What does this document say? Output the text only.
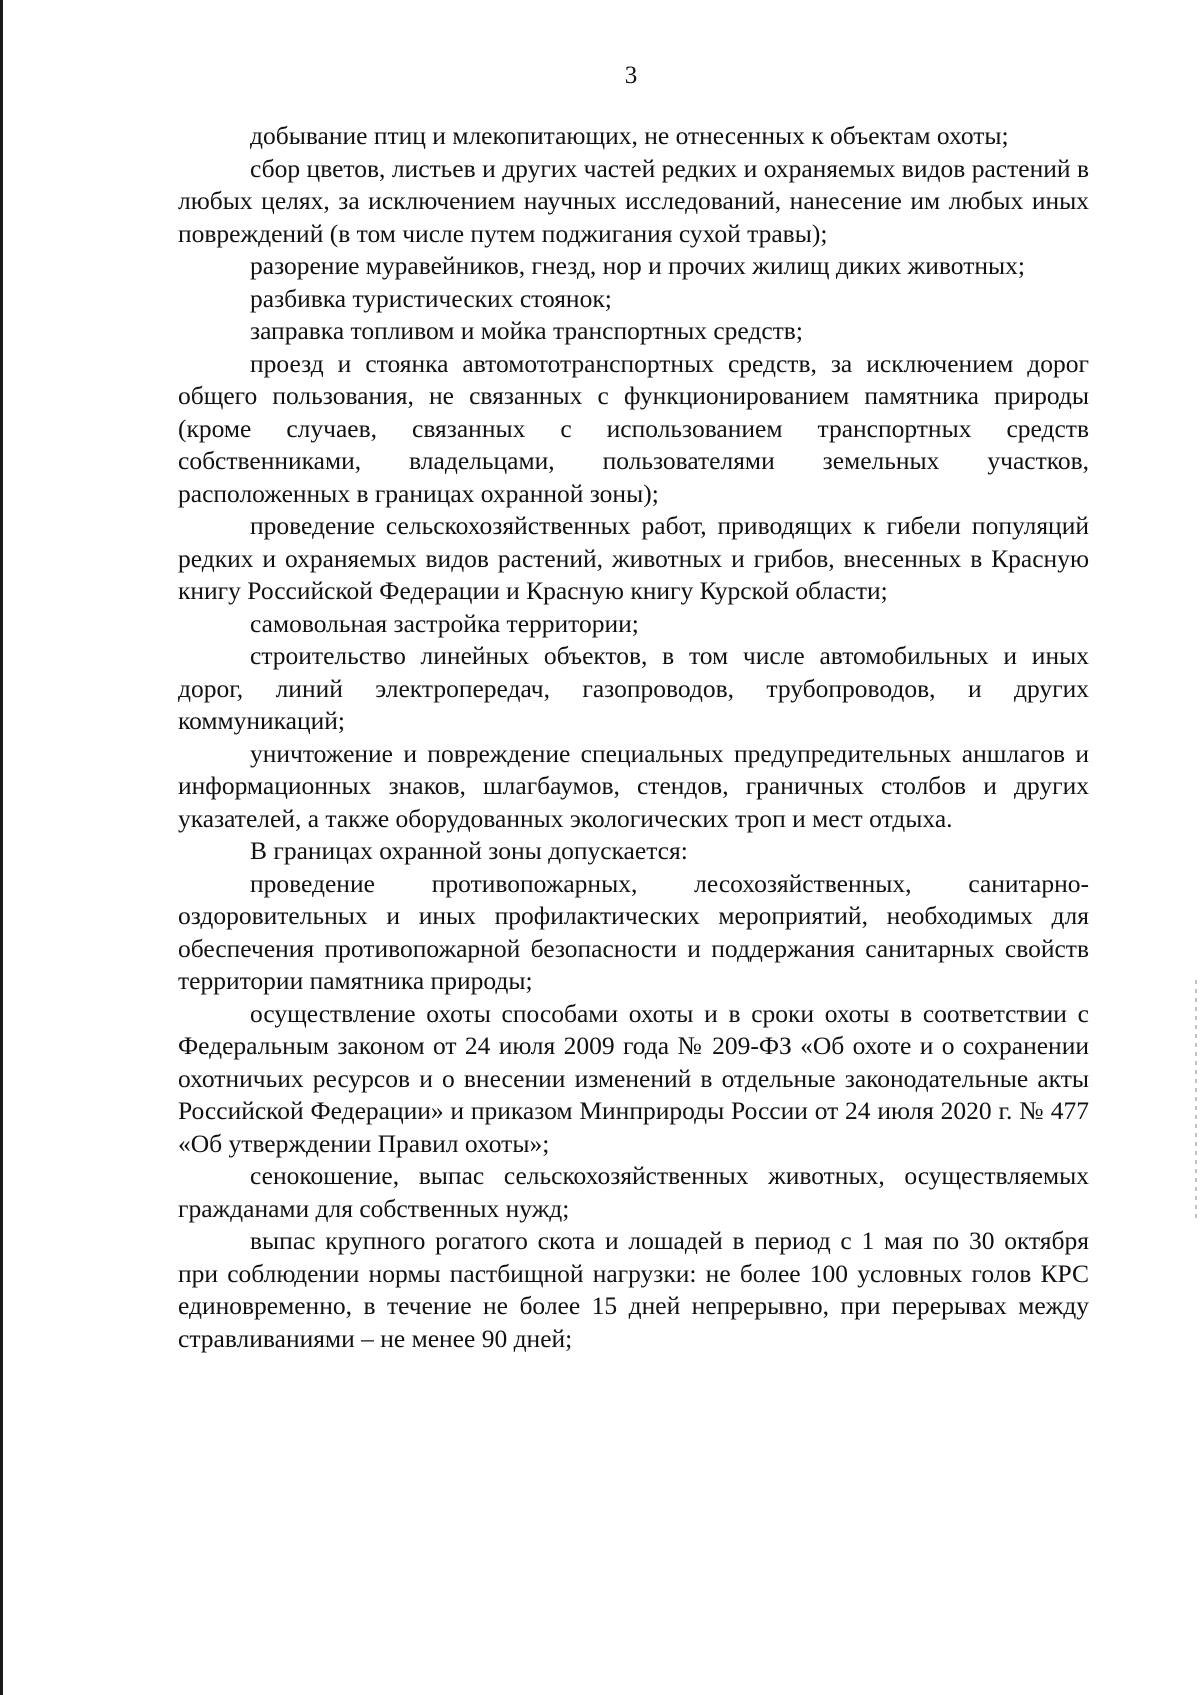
3

добывание птиц и млекопитающих, не отнесенных к объектам охоты;

сбор цветов, листьев и других частей редких и охраняемых видов растений в любых целях, за исключением научных исследований, нанесение им любых иных повреждений (в том числе путем поджигания сухой травы);

разорение муравейников, гнезд, нор и прочих жилищ диких животных;

разбивка туристических стоянок;

заправка топливом и мойка транспортных средств;

проезд и стоянка автомототранспортных средств, за исключением дорог общего пользования, не связанных с функционированием памятника природы (кроме случаев, связанных с использованием транспортных средств собственниками, владельцами, пользователями земельных участков, расположенных в границах охранной зоны);

проведение сельскохозяйственных работ, приводящих к гибели популяций редких и охраняемых видов растений, животных и грибов, внесенных в Красную книгу Российской Федерации и Красную книгу Курской области;

самовольная застройка территории;

строительство линейных объектов, в том числе автомобильных и иных дорог, линий электропередач, газопроводов, трубопроводов, и других коммуникаций;

уничтожение и повреждение специальных предупредительных аншлагов и информационных знаков, шлагбаумов, стендов, граничных столбов и других указателей, а также оборудованных экологических троп и мест отдыха.

В границах охранной зоны допускается:

проведение противопожарных, лесохозяйственных, санитарно-оздоровительных и иных профилактических мероприятий, необходимых для обеспечения противопожарной безопасности и поддержания санитарных свойств территории памятника природы;

осуществление охоты способами охоты и в сроки охоты в соответствии с Федеральным законом от 24 июля 2009 года № 209-ФЗ «Об охоте и о сохранении охотничьих ресурсов и о внесении изменений в отдельные законодательные акты Российской Федерации» и приказом Минприроды России от 24 июля 2020 г. № 477 «Об утверждении Правил охоты»;

сенокошение, выпас сельскохозяйственных животных, осуществляемых гражданами для собственных нужд;

выпас крупного рогатого скота и лошадей в период с 1 мая по 30 октября при соблюдении нормы пастбищной нагрузки: не более 100 условных голов КРС единовременно, в течение не более 15 дней непрерывно, при перерывах между стравливаниями – не менее 90 дней;
